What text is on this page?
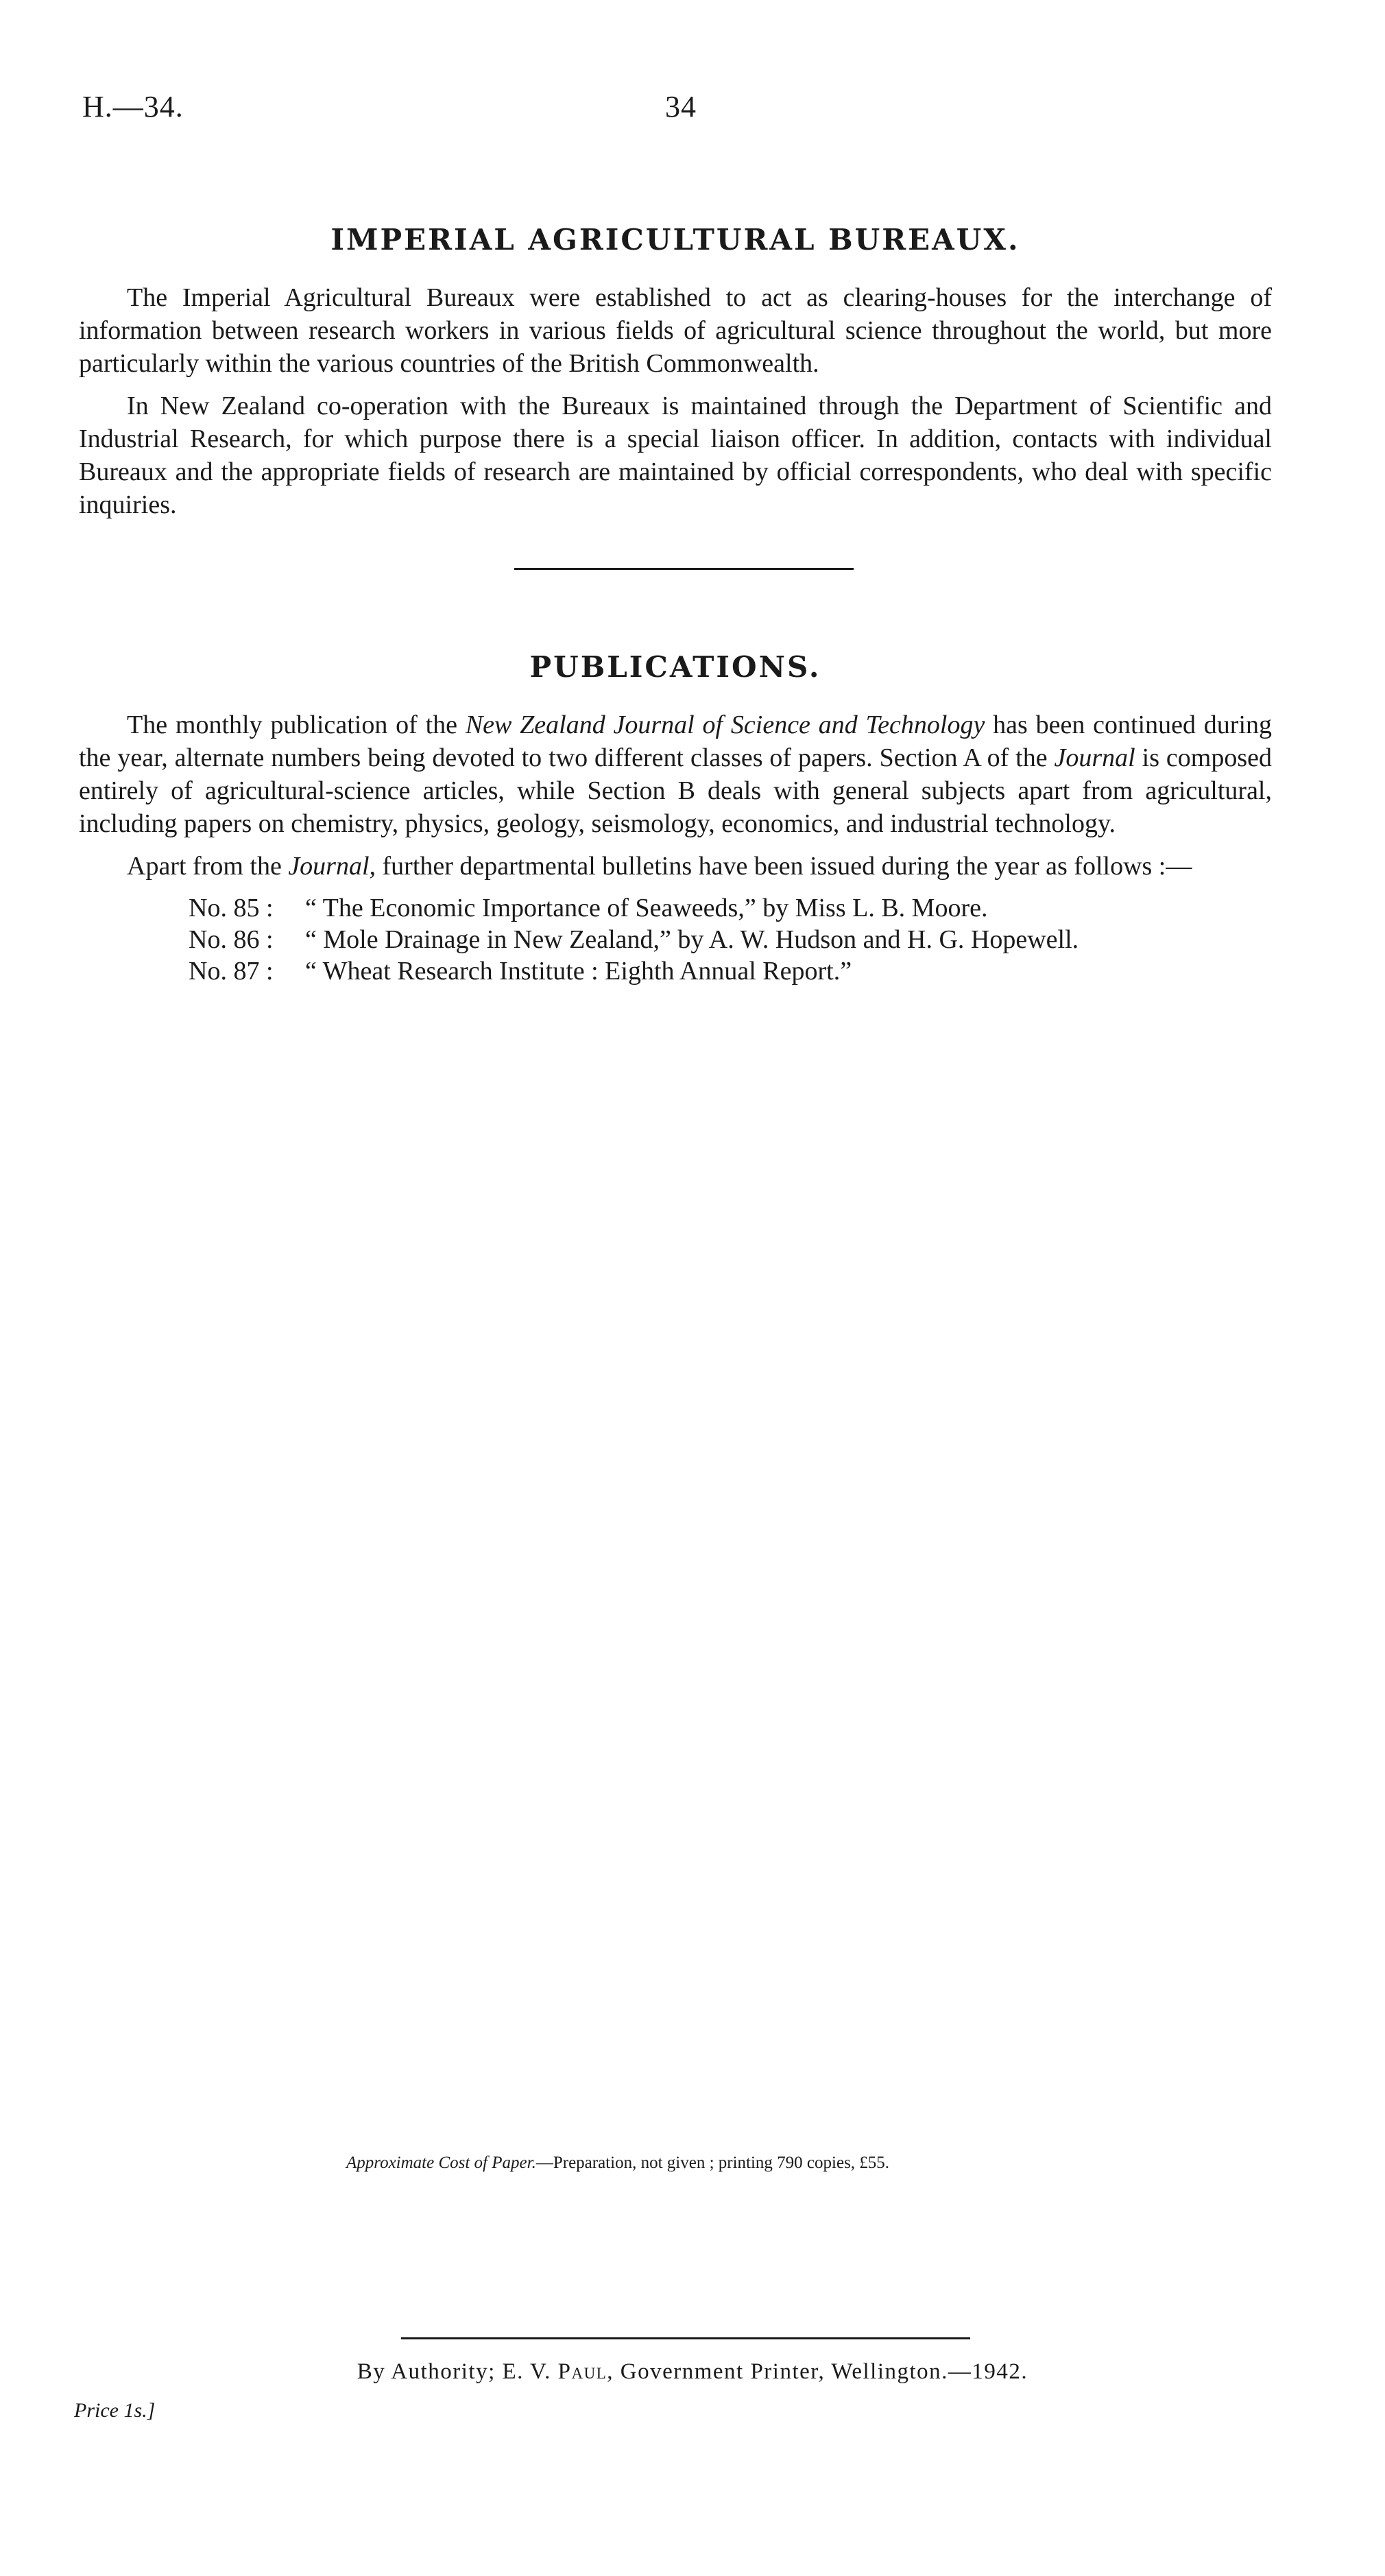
H.—34.	34
IMPERIAL AGRICULTURAL BUREAUX.

The Imperial Agricultural Bureaux were established to act as clearing-houses for the interchange of information between research workers in various fields of agricultural science throughout the world, but more particularly within the various countries of the British Commonwealth.

In New Zealand co-operation with the Bureaux is maintained through the Department of Scientific and Industrial Research, for which purpose there is a special liaison officer. In addition, contacts with individual Bureaux and the appropriate fields of research are maintained by official correspondents, who deal with specific inquiries.

PUBLICATIONS.

The monthly publication of the New Zealand Journal of Science and Technology has been continued during the year, alternate numbers being devoted to two different classes of papers. Section A of the Journal is composed entirely of agricultural-science articles, while Section B deals with general subjects apart from agricultural, including papers on chemistry, physics, geology, seismology, economics, and industrial technology.

Apart from the Journal, further departmental bulletins have been issued during the year as follows :—

No. 85 :	“ The Economic Importance of Seaweeds,” by Miss L. B. Moore.
No. 86 :	“ Mole Drainage in New Zealand,” by A. W. Hudson and H. G. Hopewell.
No. 87 :	“ Wheat Research Institute : Eighth Annual Report.”
Approximate Cost of Paper.—Preparation, not given ; printing 790 copies, £55.
By Authority; E. V. Paul, Government Printer, Wellington.—1942.
Price 1s.]
